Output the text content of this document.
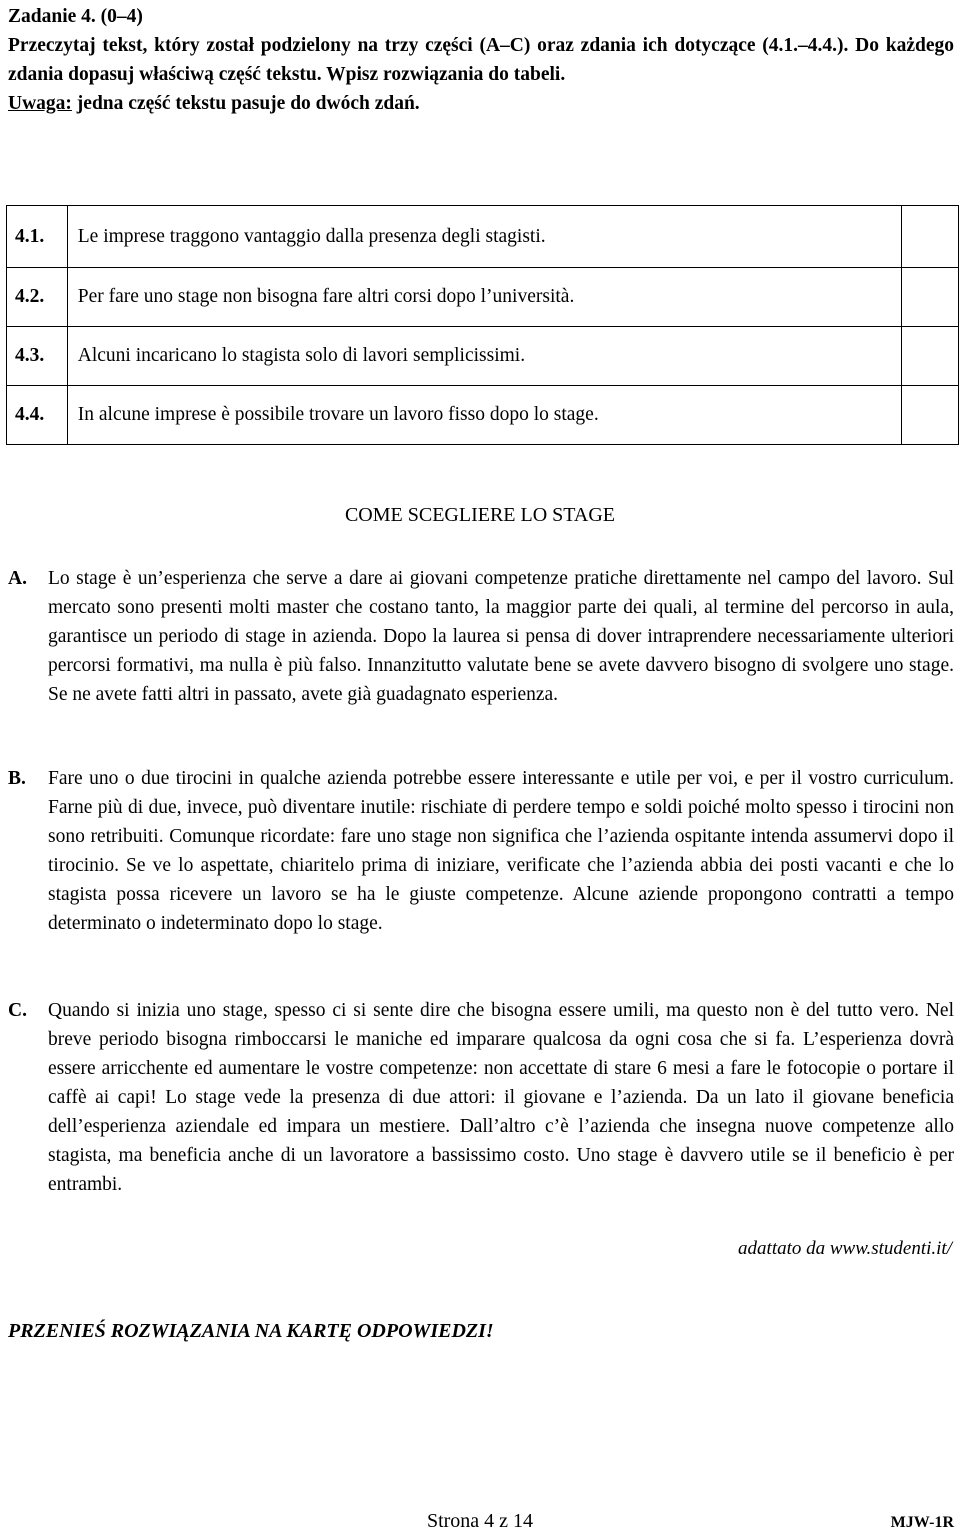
Zadanie 4. (0–4)

Przeczytaj tekst, który został podzielony na trzy części (A–C) oraz zdania ich dotyczące (4.1.–4.4.). Do każdego zdania dopasuj właściwą część tekstu. Wpisz rozwiązania do tabeli.

Uwaga: jedna część tekstu pasuje do dwóch zdań.

4.1.	Le imprese traggono vantaggio dalla presenza degli stagisti.	
4.2.	Per fare uno stage non bisogna fare altri corsi dopo l’università.	
4.3.	Alcuni incaricano lo stagista solo di lavori semplicissimi.	
4.4.	In alcune imprese è possibile trovare un lavoro fisso dopo lo stage.	
COME SCEGLIERE LO STAGE
A. Lo stage è un’esperienza che serve a dare ai giovani competenze pratiche direttamente nel campo del lavoro. Sul mercato sono presenti molti master che costano tanto, la maggior parte dei quali, al termine del percorso in aula, garantisce un periodo di stage in azienda. Dopo la laurea si pensa di dover intraprendere necessariamente ulteriori percorsi formativi, ma nulla è più falso. Innanzitutto valutate bene se avete davvero bisogno di svolgere uno stage. Se ne avete fatti altri in passato, avete già guadagnato esperienza.
B. Fare uno o due tirocini in qualche azienda potrebbe essere interessante e utile per voi, e per il vostro curriculum. Farne più di due, invece, può diventare inutile: rischiate di perdere tempo e soldi poiché molto spesso i tirocini non sono retribuiti. Comunque ricordate: fare uno stage non significa che l’azienda ospitante intenda assumervi dopo il tirocinio. Se ve lo aspettate, chiaritelo prima di iniziare, verificate che l’azienda abbia dei posti vacanti e che lo stagista possa ricevere un lavoro se ha le giuste competenze. Alcune aziende propongono contratti a tempo determinato o indeterminato dopo lo stage.
C. Quando si inizia uno stage, spesso ci si sente dire che bisogna essere umili, ma questo non è del tutto vero. Nel breve periodo bisogna rimboccarsi le maniche ed imparare qualcosa da ogni cosa che si fa. L’esperienza dovrà essere arricchente ed aumentare le vostre competenze: non accettate di stare 6 mesi a fare le fotocopie o portare il caffè ai capi! Lo stage vede la presenza di due attori: il giovane e l’azienda. Da un lato il giovane beneficia dell’esperienza aziendale ed impara un mestiere. Dall’altro c’è l’azienda che insegna nuove competenze allo stagista, ma beneficia anche di un lavoratore a bassissimo costo. Uno stage è davvero utile se il beneficio è per entrambi.
adattato da www.studenti.it/
PRZENIEŚ ROZWIĄZANIA NA KARTĘ ODPOWIEDZI!
Strona 4 z 14	MJW-1R
